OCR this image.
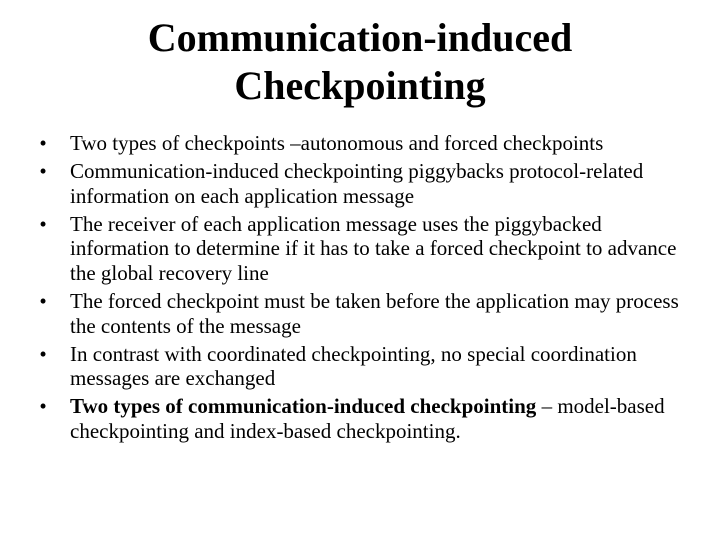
Communication-induced
Checkpointing
• Two types of checkpoints –autonomous and forced checkpoints
• Communication-induced checkpointing piggybacks protocol-related information on each application message
• The receiver of each application message uses the piggybacked information to determine if it has to take a forced checkpoint to advance the global recovery line
• The forced checkpoint must be taken before the application may process the contents of the message
• In contrast with coordinated checkpointing, no special coordination messages are exchanged
• Two types of communication-induced checkpointing – model-based checkpointing and index-based checkpointing.
